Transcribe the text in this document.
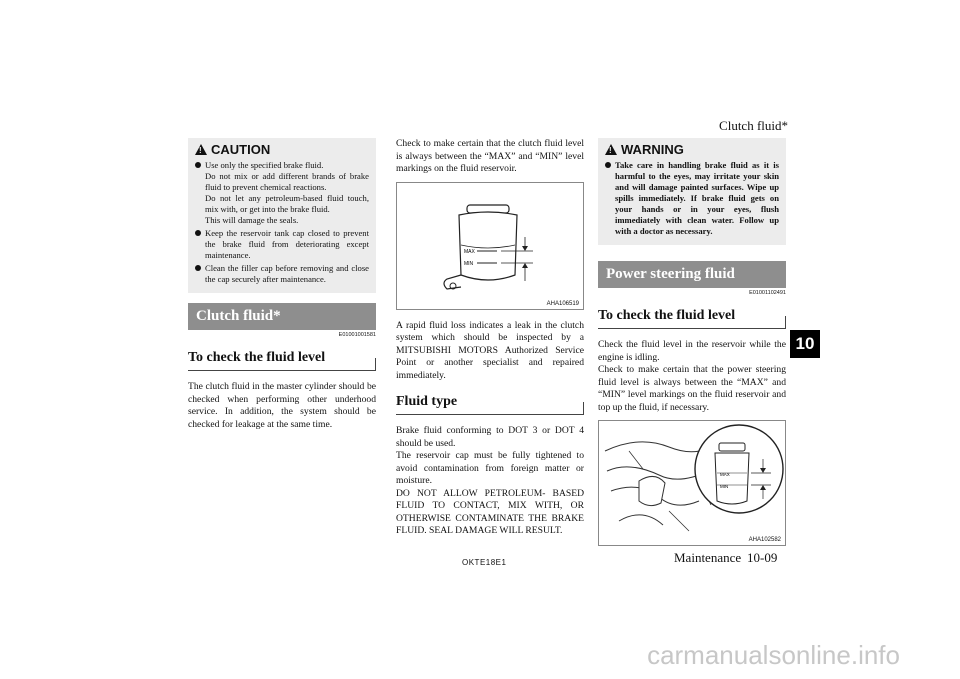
Clutch fluid*
10
! CAUTION

Use only the specified brake fluid.

Do not mix or add different brands of brake fluid to prevent chemical reactions.

Do not let any petroleum-based fluid touch, mix with, or get into the brake fluid.

This will damage the seals.

Keep the reservoir tank cap closed to prevent the brake fluid from deteriorating except maintenance.

Clean the filler cap before removing and close the cap securely after maintenance.

Clutch fluid*
E01001001581
To check the fluid level

The clutch fluid in the master cylinder should be checked when performing other underhood service. In addition, the system should be checked for leakage at the same time.

Check to make certain that the clutch fluid level is always between the “MAX” and “MIN” level markings on the fluid reservoir.

MAX
MIN
AHA106519

A rapid fluid loss indicates a leak in the clutch system which should be inspected by a MITSUBISHI MOTORS Authorized Service Point or another specialist and repaired immediately.

Fluid type

Brake fluid conforming to DOT 3 or DOT 4 should be used.

The reservoir cap must be fully tightened to avoid contamination from foreign matter or moisture.

DO NOT ALLOW PETROLEUM- BASED FLUID TO CONTACT, MIX WITH, OR OTHERWISE CONTAMINATE THE BRAKE FLUID. SEAL DAMAGE WILL RESULT.

! WARNING

Take care in handling brake fluid as it is harmful to the eyes, may irritate your skin and will damage painted surfaces. Wipe up spills immediately. If brake fluid gets on your hands or in your eyes, flush immediately with clean water. Follow up with a doctor as necessary.

Power steering fluid
E01001102491
To check the fluid level

Check the fluid level in the reservoir while the engine is idling.

Check to make certain that the power steering fluid level is always between the “MAX” and “MIN” level markings on the fluid reservoir and top up the fluid, if necessary.

MAX
MIN
AHA102582
OKTE18E1	Maintenance 10-09
carmanualsonline.info
